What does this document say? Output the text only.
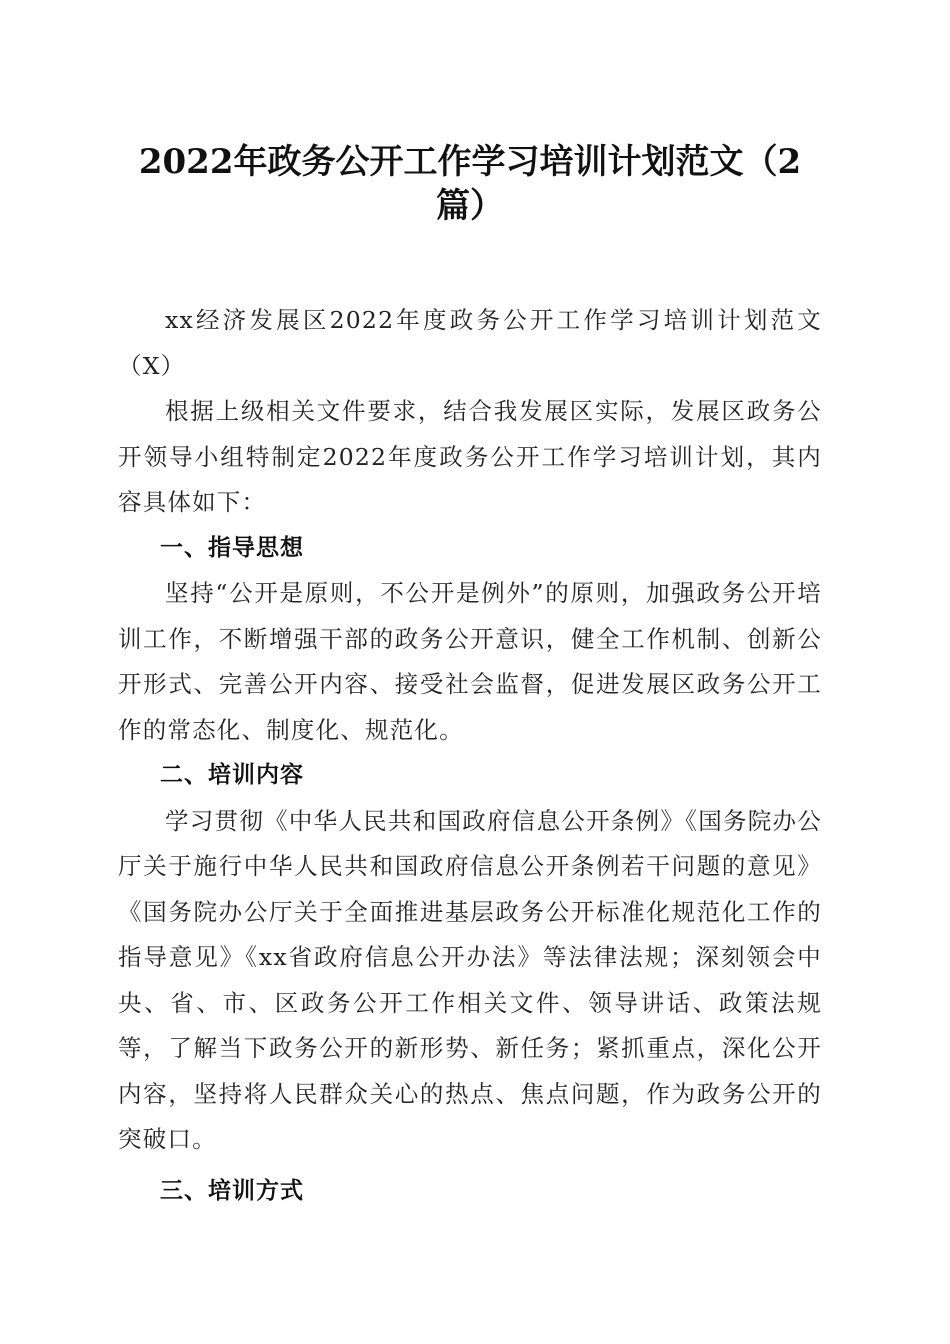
2022年政务公开工作学习培训计划范文（2篇）

xx经济发展区2022年度政务公开工作学习培训计划范文（X）

根据上级相关文件要求，结合我发展区实际，发展区政务公开领导小组特制定2022年度政务公开工作学习培训计划，其内容具体如下：

一、指导思想

坚持“公开是原则，不公开是例外”的原则，加强政务公开培训工作，不断增强干部的政务公开意识，健全工作机制、创新公开形式、完善公开内容、接受社会监督，促进发展区政务公开工作的常态化、制度化、规范化。

二、培训内容

学习贯彻《中华人民共和国政府信息公开条例》《国务院办公厅关于施行中华人民共和国政府信息公开条例若干问题的意见》《国务院办公厅关于全面推进基层政务公开标准化规范化工作的指导意见》《xx省政府信息公开办法》等法律法规；深刻领会中央、省、市、区政务公开工作相关文件、领导讲话、政策法规等，了解当下政务公开的新形势、新任务；紧抓重点，深化公开内容，坚持将人民群众关心的热点、焦点问题，作为政务公开的突破口。

三、培训方式
